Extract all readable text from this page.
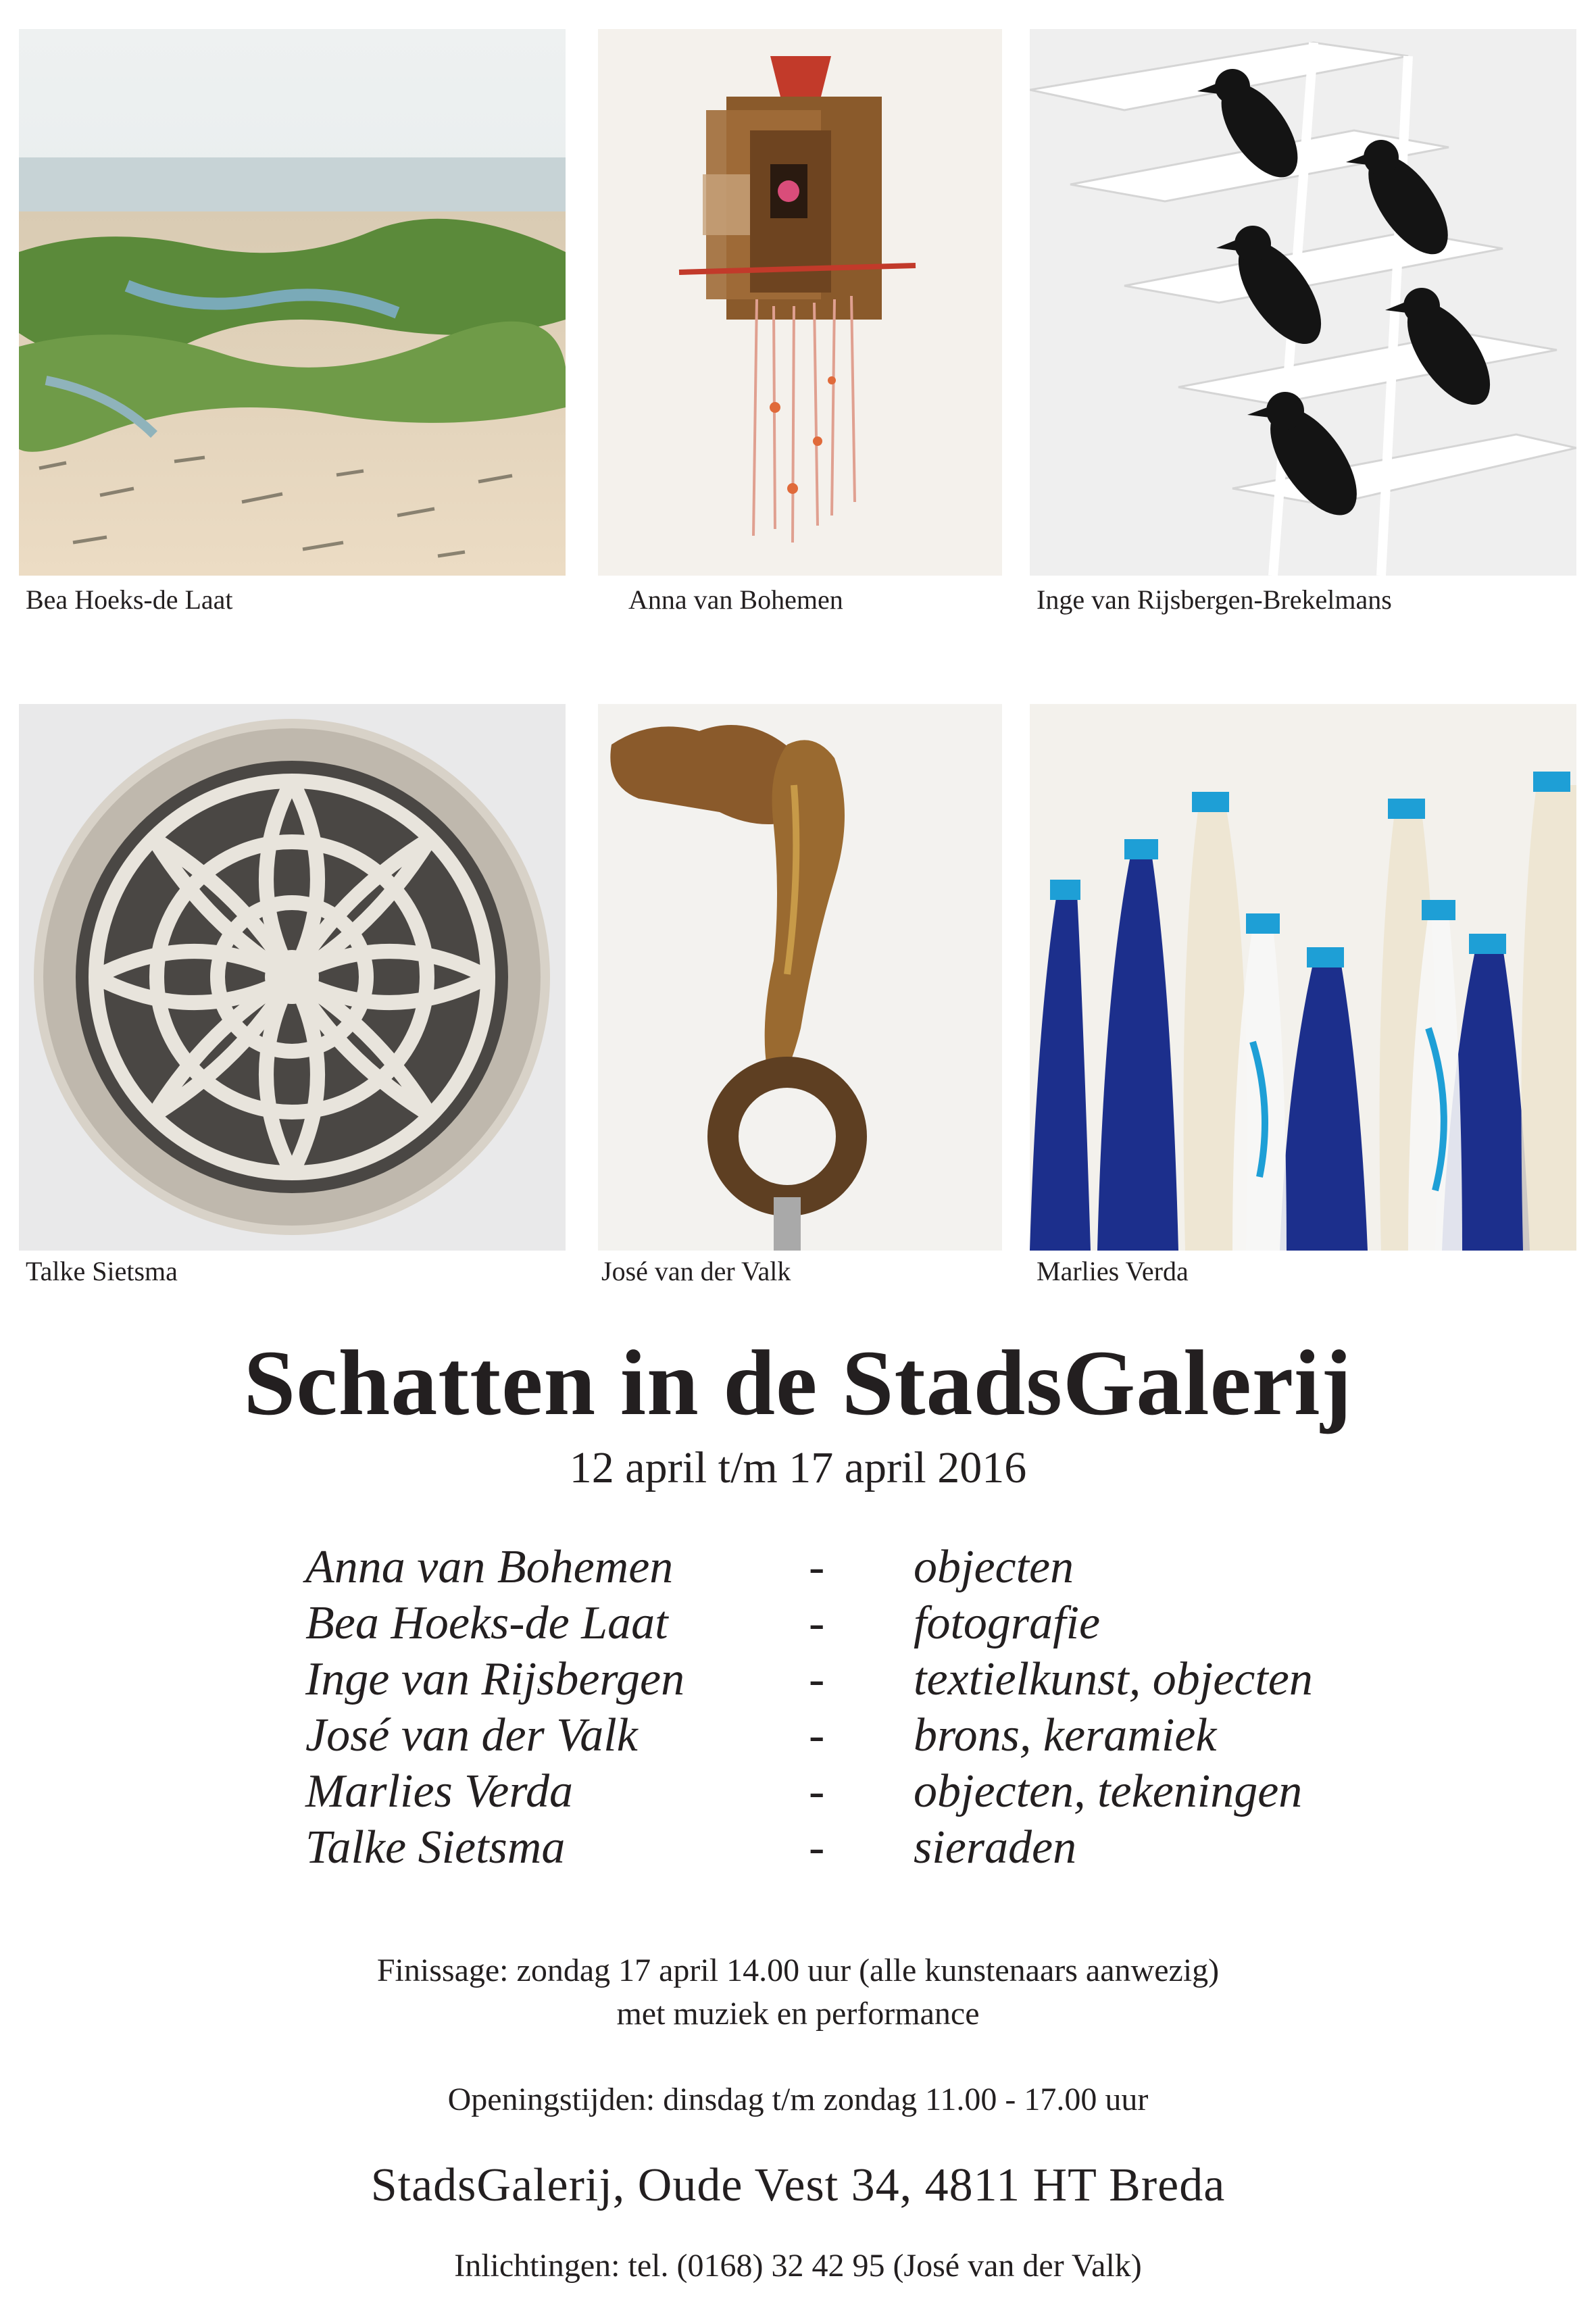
Bea Hoeks-de Laat	Anna van Bohemen	Inge van Rijsbergen-Brekelmans
Talke Sietsma	José van der Valk	Marlies Verda
Schatten in de StadsGalerij
12 april t/m 17 april 2016
Anna van Bohemen	- objecten
Bea Hoeks-de Laat	- fotografie
Inge van Rijsbergen	- textielkunst, objecten
José van der Valk	- brons, keramiek
Marlies Verda	- objecten, tekeningen
Talke Sietsma	- sieraden
Finissage: zondag 17 april 14.00 uur (alle kunstenaars aanwezig)
met muziek en performance
Openingstijden: dinsdag t/m zondag 11.00 - 17.00 uur
StadsGalerij, Oude Vest 34, 4811 HT Breda
Inlichtingen: tel. (0168) 32 42 95 (José van der Valk)
